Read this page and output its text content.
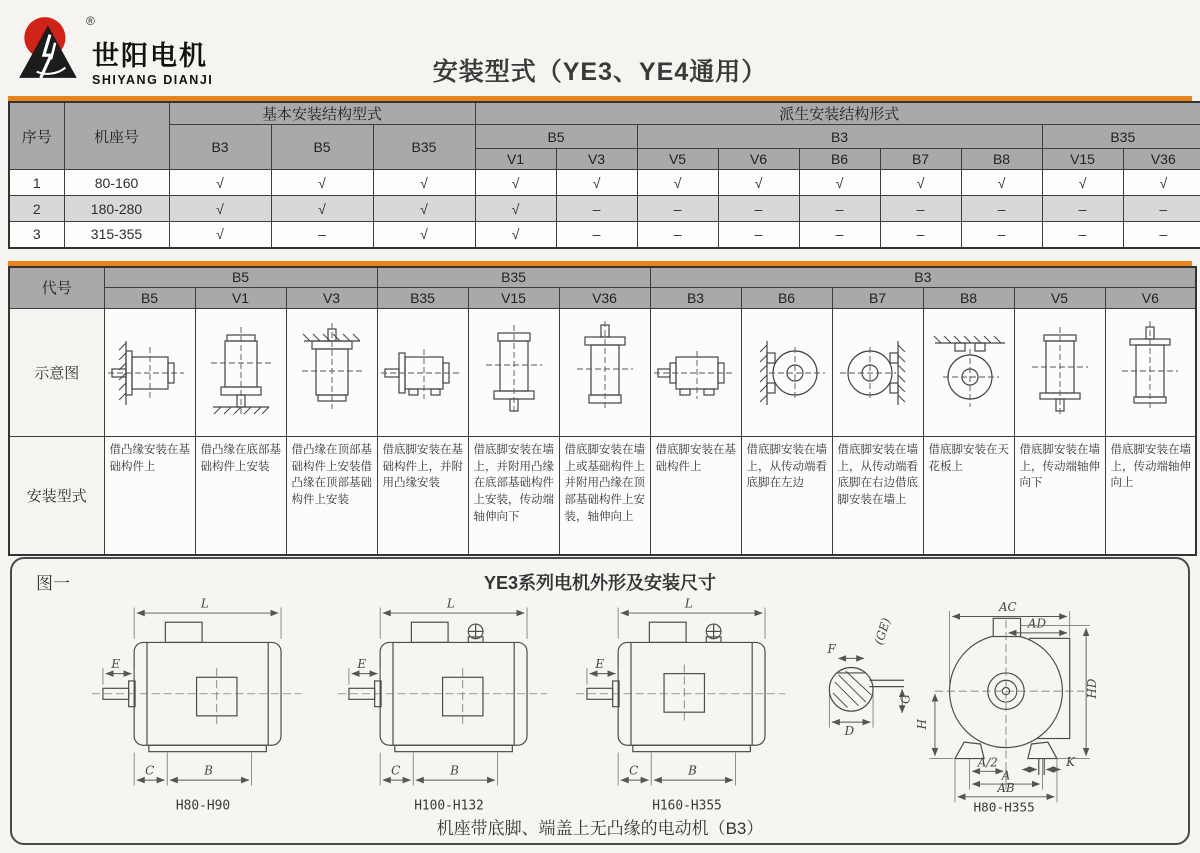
®
世阳电机
SHIYANG DIANJI	安装型式（YE3、YE4通用）
序号	机座号	基本安装结构型式			派生安装结构形式								
		B3	B5	B35	B5		B3					B35	
					V1	V3	V5	V6	B6	B7	B8	V15	V36
1	80-160	√	√	√	√	√	√	√	√	√	√	√	√
2	180-280	√	√	√	√	–	–	–	–	–	–	–	–
3	315-355	√	–	√	√	–	–	–	–	–	–	–	–
代号	B5			B35			B3					
	B5	V1	V3	B35	V15	V36	B3	B6	B7	B8	V5	V6
示意图	

安装型式	借凸缘安装在基础构件上	借凸缘在底部基础构件上安装	借凸缘在顶部基础构件上安装借凸缘在顶部基础构件上安装	借底脚安装在基础构件上，并附用凸缘安装	借底脚安装在墙上，并附用凸缘在底部基础构件上安装，传动端轴伸向下	借底脚安装在墙上或基础构件上并附用凸缘在顶部基础构件上安装，轴伸向上	借底脚安装在基础构件上	借底脚安装在墙上，从传动端看底脚在左边	借底脚安装在墙上，从传动端看底脚在右边借底脚安装在墙上	借底脚安装在天花板上	借底脚安装在墙上，传动端轴伸向下	借底脚安装在墙上，传动端轴伸向上
图一	YE3系列电机外形及安装尺寸
L
E
C	B
H80-H90
L
E
C	B
H100-H132
L
E
C	B
H160-H355
F
(GE)
G
D
AC
AD
HD
H
A/2	K
A
AB
H80-H355
机座带底脚、端盖上无凸缘的电动机（B3）
